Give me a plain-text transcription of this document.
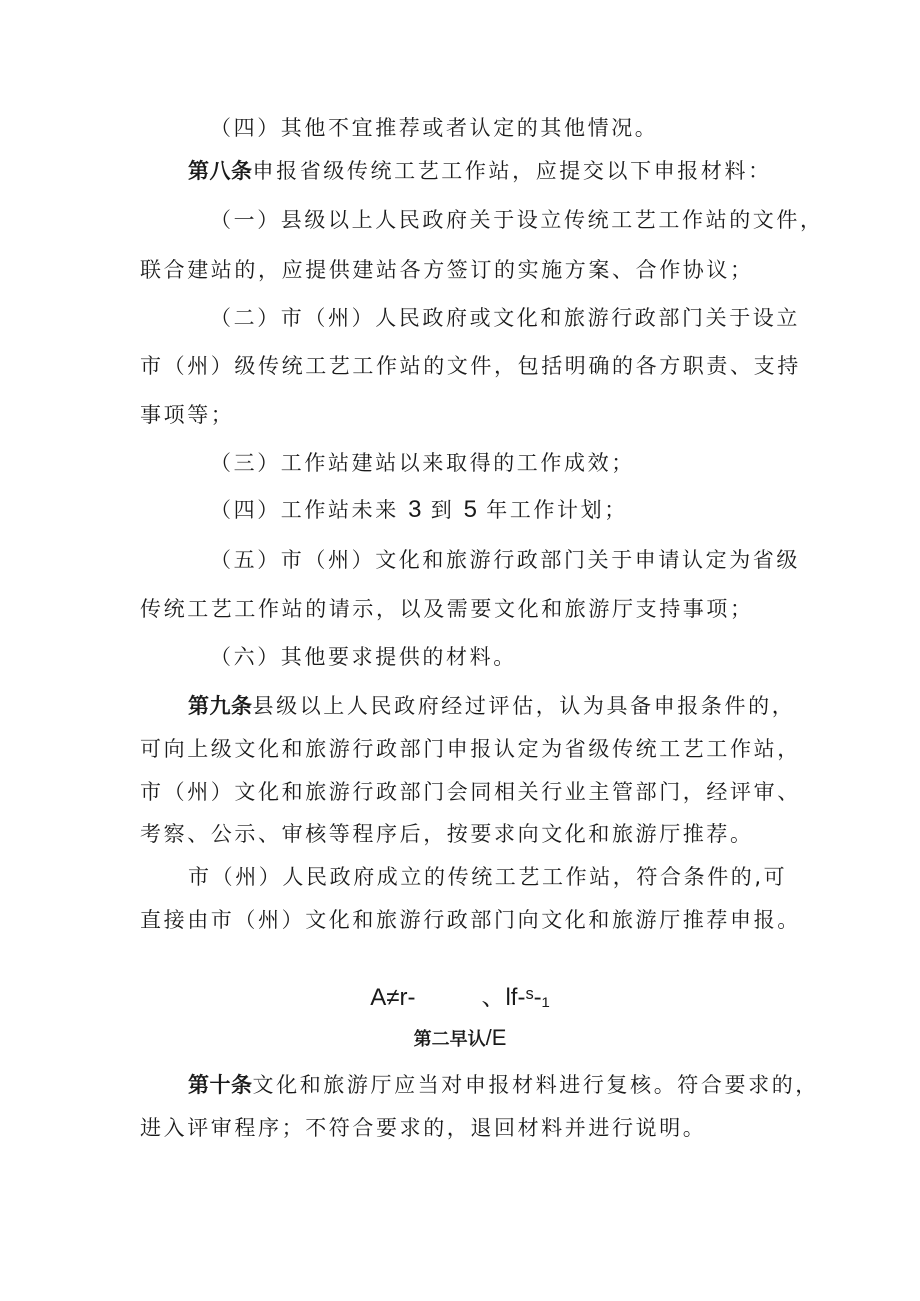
（四）其他不宜推荐或者认定的其他情况。
第八条申报省级传统工艺工作站，应提交以下申报材料：
（一）县级以上人民政府关于设立传统工艺工作站的文件，
联合建站的，应提供建站各方签订的实施方案、合作协议；
（二）市（州）人民政府或文化和旅游行政部门关于设立
市（州）级传统工艺工作站的文件，包括明确的各方职责、支持
事项等；
（三）工作站建站以来取得的工作成效；
（四）工作站未来 3 到 5 年工作计划；
（五）市（州）文化和旅游行政部门关于申请认定为省级
传统工艺工作站的请示，以及需要文化和旅游厅支持事项；
（六）其他要求提供的材料。
第九条县级以上人民政府经过评估，认为具备申报条件的，
可向上级文化和旅游行政部门申报认定为省级传统工艺工作站，
市（州）文化和旅游行政部门会同相关行业主管部门，经评审、
考察、公示、审核等程序后，按要求向文化和旅游厅推荐。
市（州）人民政府成立的传统工艺工作站，符合条件的,可
直接由市（州）文化和旅游行政部门向文化和旅游厅推荐申报。
A≠r-	、lf-ˢ-₁
第二早认/E
第十条文化和旅游厅应当对申报材料进行复核。符合要求的，
进入评审程序；不符合要求的，退回材料并进行说明。
